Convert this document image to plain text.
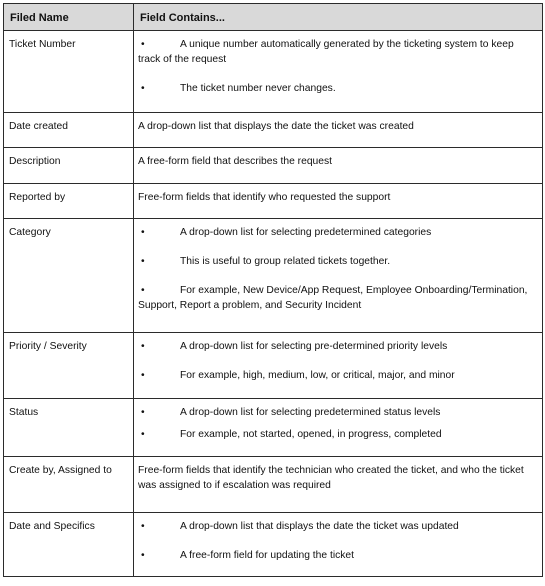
Filed Name	Field Contains...
Ticket Number	• A unique number automatically generated by the ticketing system to keep track of the request
• The ticket number never changes.

Date created	A drop-down list that displays the date the ticket was created

Description	A free-form field that describes the request

Reported by	Free-form fields that identify who requested the support

Category	• A drop-down list for selecting predetermined categories
• This is useful to group related tickets together.
• For example, New Device/App Request, Employee Onboarding/Termination, Support, Report a problem, and Security Incident

Priority / Severity	• A drop-down list for selecting pre-determined priority levels
• For example, high, medium, low, or critical, major, and minor

Status	• A drop-down list for selecting predetermined status levels
• For example, not started, opened, in progress, completed

Create by, Assigned to	Free-form fields that identify the technician who created the ticket, and who the ticket was assigned to if escalation was required

Date and Specifics	• A drop-down list that displays the date the ticket was updated
• A free-form field for updating the ticket
